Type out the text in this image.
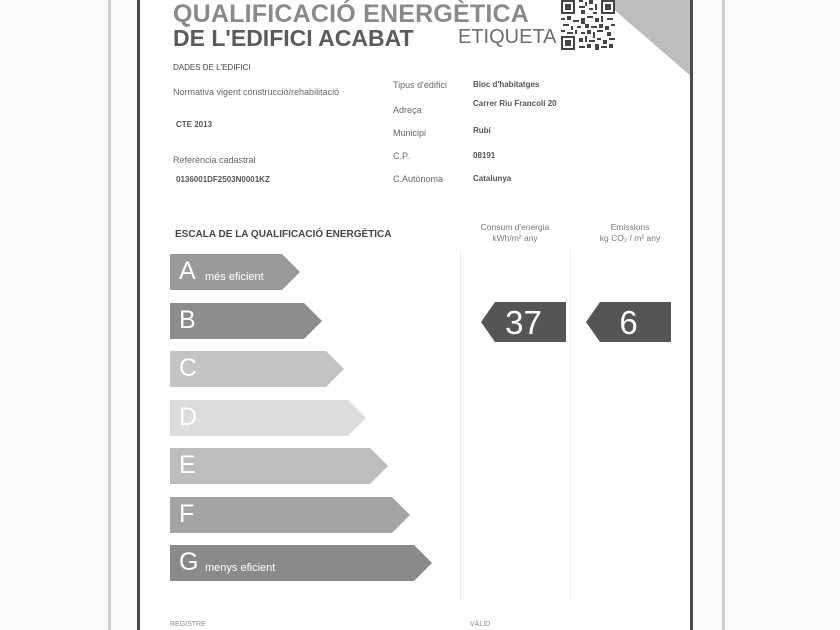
QUALIFICACIÓ ENERGÈTICA
DE L'EDIFICI ACABAT ETIQUETA
DADES DE L'EDIFICI
Normativa vigent construcció/rehabilitació
CTE 2013
Referència cadastral
0136001DF2503N0001KZ
Tipus d'edifici	Bloc d'habitatges
Adreça
Carrer Riu Francolí 20
Municipi	Rubí
C.P.	08191
C.Autònoma	Catalunya
ESCALA DE LA QUALIFICACIÓ ENERGÈTICA
Consum d'energia
kWh/m² any
Emissions
kg CO₂ / m² any
A més eficient
B
C
D
E
F
G menys eficient
37	6
REGISTRE	VÀLID
